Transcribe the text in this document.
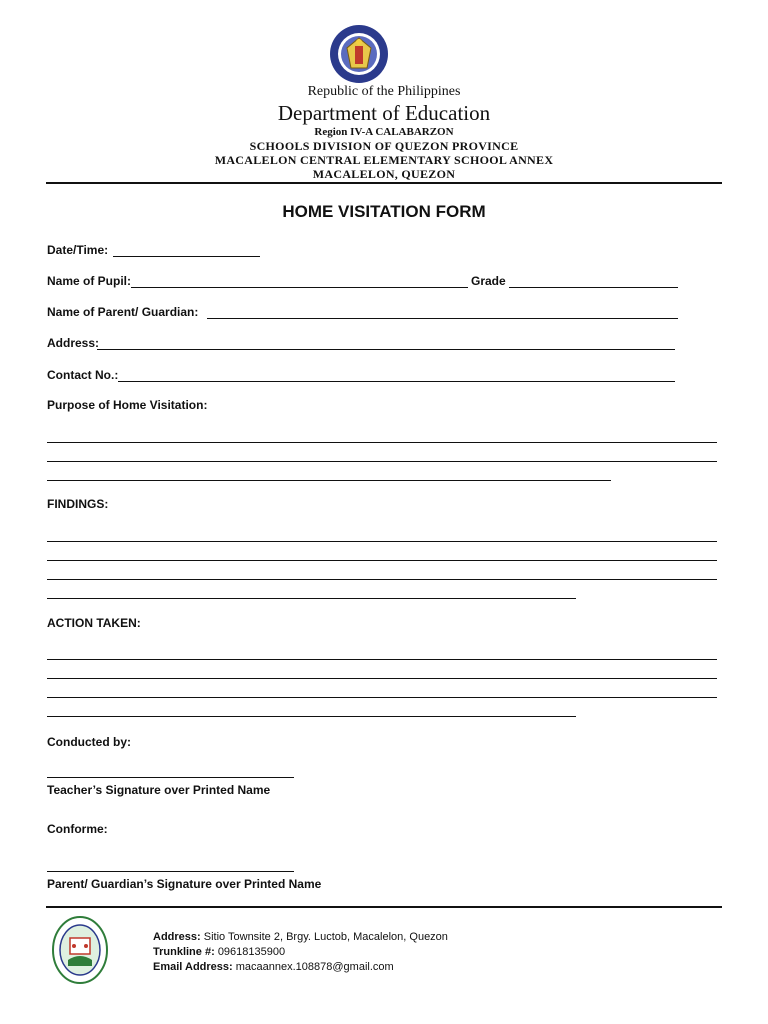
Republic of the Philippines
Department of Education
Region IV-A CALABARZON
SCHOOLS DIVISION OF QUEZON PROVINCE
MACALELON CENTRAL ELEMENTARY SCHOOL ANNEX
MACALELON, QUEZON
HOME VISITATION FORM
Date/Time:
Name of Pupil:	Grade
Name of Parent/ Guardian:
Address:
Contact No.:
Purpose of Home Visitation:
FINDINGS:
ACTION TAKEN:
Conducted by:
Teacher’s Signature over Printed Name
Conforme:
Parent/ Guardian’s Signature over Printed Name
Address: Sitio Townsite 2, Brgy. Luctob, Macalelon, Quezon
Trunkline #: 09618135900
Email Address: macaannex.108878@gmail.com
